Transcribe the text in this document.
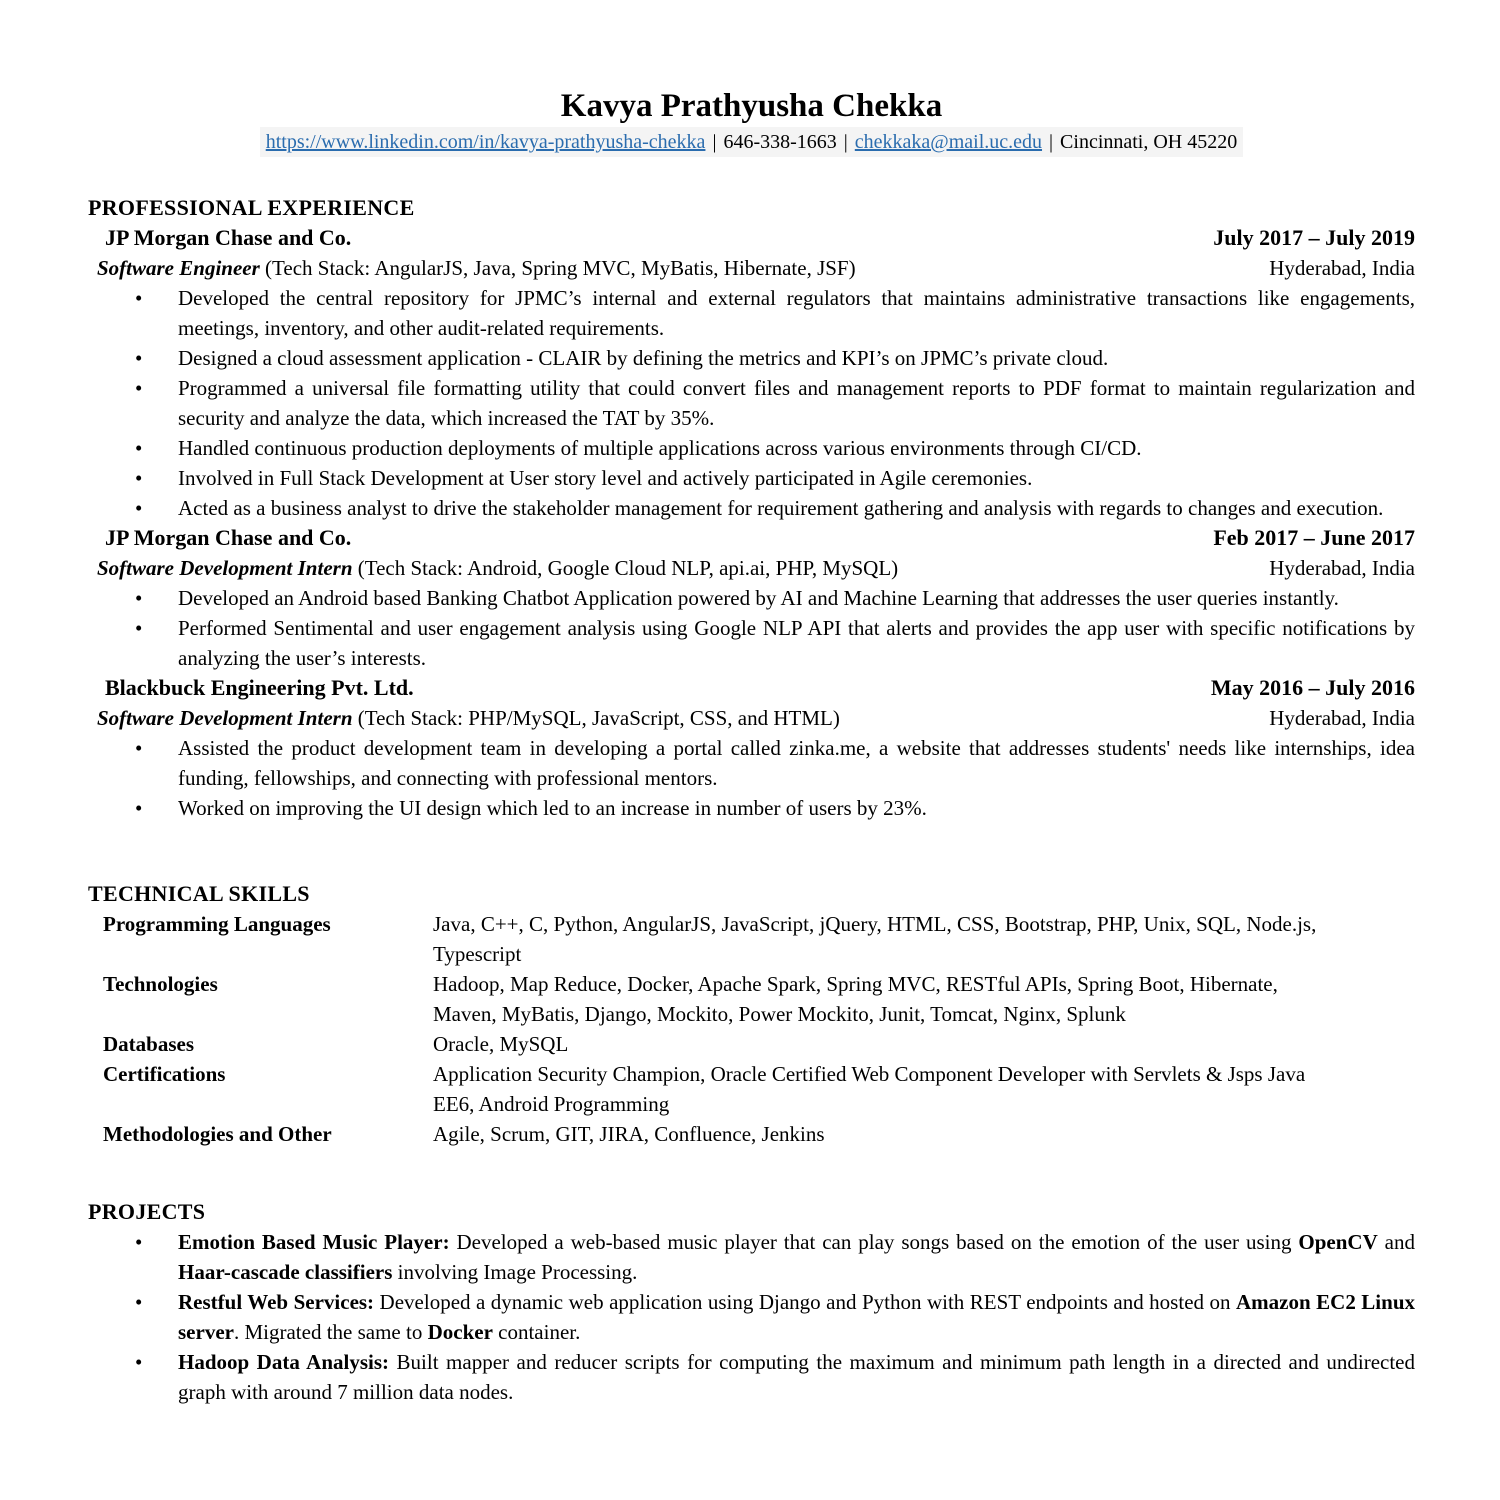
Kavya Prathyusha Chekka
https://www.linkedin.com/in/kavya-prathyusha-chekka | 646-338-1663 | chekkaka@mail.uc.edu | Cincinnati, OH 45220
PROFESSIONAL EXPERIENCE
JP Morgan Chase and Co.	July 2017 – July 2019
Software Engineer (Tech Stack: AngularJS, Java, Spring MVC, MyBatis, Hibernate, JSF)	Hyderabad, India
• Developed the central repository for JPMC’s internal and external regulators that maintains administrative transactions like engagements, meetings, inventory, and other audit-related requirements.
• Designed a cloud assessment application - CLAIR by defining the metrics and KPI’s on JPMC’s private cloud.
• Programmed a universal file formatting utility that could convert files and management reports to PDF format to maintain regularization and security and analyze the data, which increased the TAT by 35%.
• Handled continuous production deployments of multiple applications across various environments through CI/CD.
• Involved in Full Stack Development at User story level and actively participated in Agile ceremonies.
• Acted as a business analyst to drive the stakeholder management for requirement gathering and analysis with regards to changes and execution.
JP Morgan Chase and Co.	Feb 2017 – June 2017
Software Development Intern (Tech Stack: Android, Google Cloud NLP, api.ai, PHP, MySQL)	Hyderabad, India
• Developed an Android based Banking Chatbot Application powered by AI and Machine Learning that addresses the user queries instantly.
• Performed Sentimental and user engagement analysis using Google NLP API that alerts and provides the app user with specific notifications by analyzing the user’s interests.
Blackbuck Engineering Pvt. Ltd.	May 2016 – July 2016
Software Development Intern (Tech Stack: PHP/MySQL, JavaScript, CSS, and HTML)	Hyderabad, India
• Assisted the product development team in developing a portal called zinka.me, a website that addresses students' needs like internships, idea funding, fellowships, and connecting with professional mentors.
• Worked on improving the UI design which led to an increase in number of users by 23%.
TECHNICAL SKILLS
Programming Languages	Java, C++, C, Python, AngularJS, JavaScript, jQuery, HTML, CSS, Bootstrap, PHP, Unix, SQL, Node.js, Typescript
Technologies	Hadoop, Map Reduce, Docker, Apache Spark, Spring MVC, RESTful APIs, Spring Boot, Hibernate, Maven, MyBatis, Django, Mockito, Power Mockito, Junit, Tomcat, Nginx, Splunk
Databases	Oracle, MySQL
Certifications	Application Security Champion, Oracle Certified Web Component Developer with Servlets & Jsps Java EE6, Android Programming
Methodologies and Other	Agile, Scrum, GIT, JIRA, Confluence, Jenkins
PROJECTS
• Emotion Based Music Player: Developed a web-based music player that can play songs based on the emotion of the user using OpenCV and Haar-cascade classifiers involving Image Processing.
• Restful Web Services: Developed a dynamic web application using Django and Python with REST endpoints and hosted on Amazon EC2 Linux server. Migrated the same to Docker container.
• Hadoop Data Analysis: Built mapper and reducer scripts for computing the maximum and minimum path length in a directed and undirected graph with around 7 million data nodes.
